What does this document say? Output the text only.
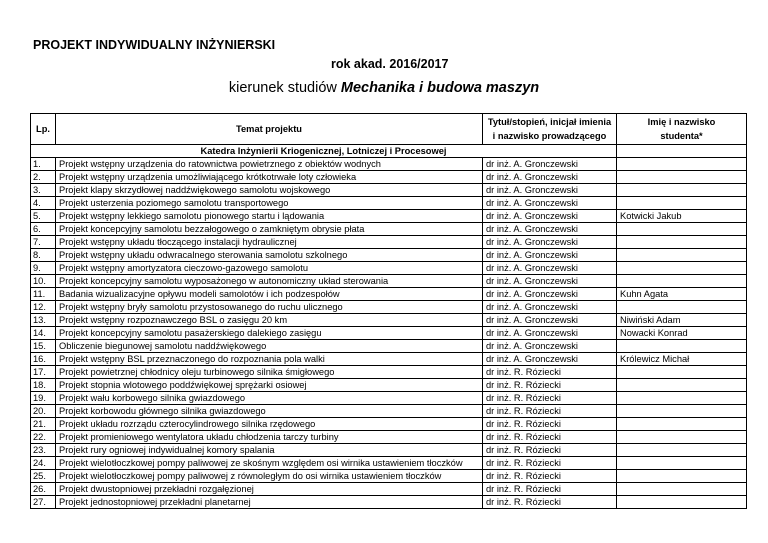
PROJEKT INDYWIDUALNY INŻYNIERSKI
rok akad. 2016/2017
kierunek studiów Mechanika i budowa maszyn
Lp.	Temat projektu	Tytuł/stopień, inicjał imienia
i nazwisko prowadzącego	Imię i nazwisko
studenta*
Katedra Inżynierii Kriogenicznej, Lotniczej i Procesowej			
1.	Projekt wstępny urządzenia do ratownictwa powietrznego z obiektów wodnych	dr inż. A. Gronczewski	
2.	Projekt wstępny urządzenia umożliwiającego krótkotrwałe loty człowieka	dr inż. A. Gronczewski	
3.	Projekt klapy skrzydłowej naddźwiękowego samolotu wojskowego	dr inż. A. Gronczewski	
4.	Projekt usterzenia poziomego samolotu transportowego	dr inż. A. Gronczewski	
5.	Projekt wstępny lekkiego samolotu pionowego startu i lądowania	dr inż. A. Gronczewski	Kotwicki Jakub
6.	Projekt koncepcyjny samolotu bezzałogowego o zamkniętym obrysie płata	dr inż. A. Gronczewski	
7.	Projekt wstępny układu tłoczącego instalacji hydraulicznej	dr inż. A. Gronczewski	
8.	Projekt wstępny układu odwracalnego sterowania samolotu szkolnego	dr inż. A. Gronczewski	
9.	Projekt wstępny amortyzatora cieczowo-gazowego samolotu	dr inż. A. Gronczewski	
10.	Projekt koncepcyjny samolotu wyposażonego w autonomiczny układ sterowania	dr inż. A. Gronczewski	
11.	Badania wizualizacyjne opływu modeli samolotów i ich podzespołów	dr inż. A. Gronczewski	Kuhn Agata
12.	Projekt wstępny bryły samolotu przystosowanego do ruchu ulicznego	dr inż. A. Gronczewski	
13.	Projekt wstępny rozpoznawczego BSL o zasięgu 20 km	dr inż. A. Gronczewski	Niwiński Adam
14.	Projekt koncepcyjny samolotu pasażerskiego dalekiego zasięgu	dr inż. A. Gronczewski	Nowacki Konrad
15.	Obliczenie biegunowej samolotu naddźwiękowego	dr inż. A. Gronczewski	
16.	Projekt wstępny BSL przeznaczonego do rozpoznania pola walki	dr inż. A. Gronczewski	Królewicz Michał
17.	Projekt powietrznej chłodnicy oleju turbinowego silnika śmigłowego	dr inż. R. Róziecki	
18.	Projekt stopnia wlotowego poddźwiękowej sprężarki osiowej	dr inż. R. Róziecki	
19.	Projekt wału korbowego silnika gwiazdowego	dr inż. R. Róziecki	
20.	Projekt korbowodu głównego silnika gwiazdowego	dr inż. R. Róziecki	
21.	Projekt układu rozrządu czterocylindrowego silnika rzędowego	dr inż. R. Róziecki	
22.	Projekt promieniowego wentylatora układu chłodzenia tarczy turbiny	dr inż. R. Róziecki	
23.	Projekt rury ogniowej indywidualnej komory spalania	dr inż. R. Róziecki	
24.	Projekt wielotłoczkowej pompy paliwowej ze skośnym względem osi wirnika ustawieniem tłoczków	dr inż. R. Róziecki	
25.	Projekt wielotłoczkowej pompy paliwowej z równoległym do osi wirnika ustawieniem tłoczków	dr inż. R. Róziecki	
26.	Projekt dwustopniowej przekładni rozgałęzionej	dr inż. R. Róziecki	
27.	Projekt jednostopniowej przekładni planetarnej	dr inż. R. Róziecki	
